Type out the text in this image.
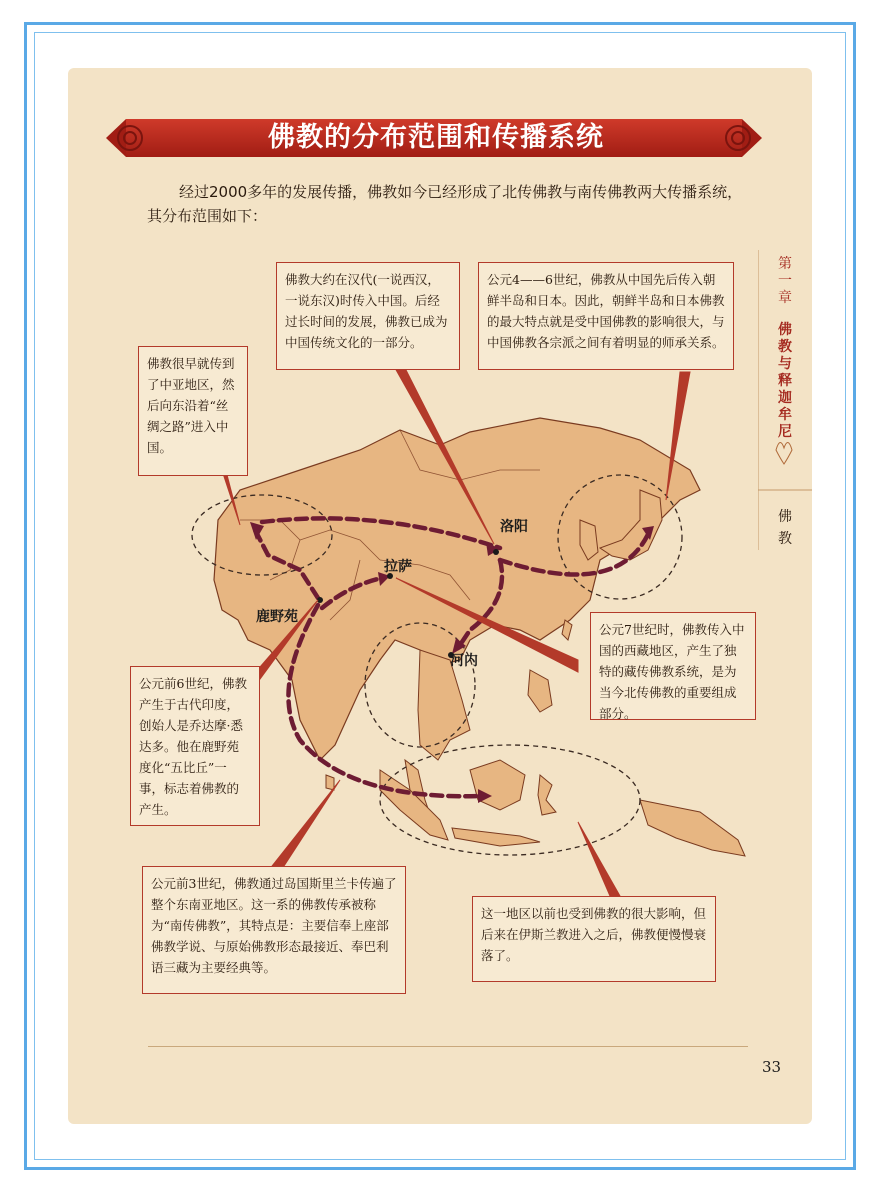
佛教的分布范围和传播系统

经过2000多年的发展传播，佛教如今已经形成了北传佛教与南传佛教两大传播系统，其分布范围如下：

第一章
佛教与释迦牟尼
佛教
洛阳
拉萨
鹿野苑
河内
佛教很早就传到了中亚地区，然后向东沿着“丝绸之路”进入中国。
佛教大约在汉代(一说西汉，一说东汉)时传入中国。后经过长时间的发展，佛教已成为中国传统文化的一部分。
公元4——6世纪，佛教从中国先后传入朝鲜半岛和日本。因此，朝鲜半岛和日本佛教的最大特点就是受中国佛教的影响很大，与中国佛教各宗派之间有着明显的师承关系。
公元前6世纪，佛教产生于古代印度，创始人是乔达摩·悉达多。他在鹿野苑度化“五比丘”一事，标志着佛教的产生。
公元7世纪时，佛教传入中国的西藏地区，产生了独特的藏传佛教系统，是为当今北传佛教的重要组成部分。
公元前3世纪，佛教通过岛国斯里兰卡传遍了整个东南亚地区。这一系的佛教传承被称为“南传佛教”，其特点是：主要信奉上座部佛教学说、与原始佛教形态最接近、奉巴利语三藏为主要经典等。
这一地区以前也受到佛教的很大影响，但后来在伊斯兰教进入之后，佛教便慢慢衰落了。
33
